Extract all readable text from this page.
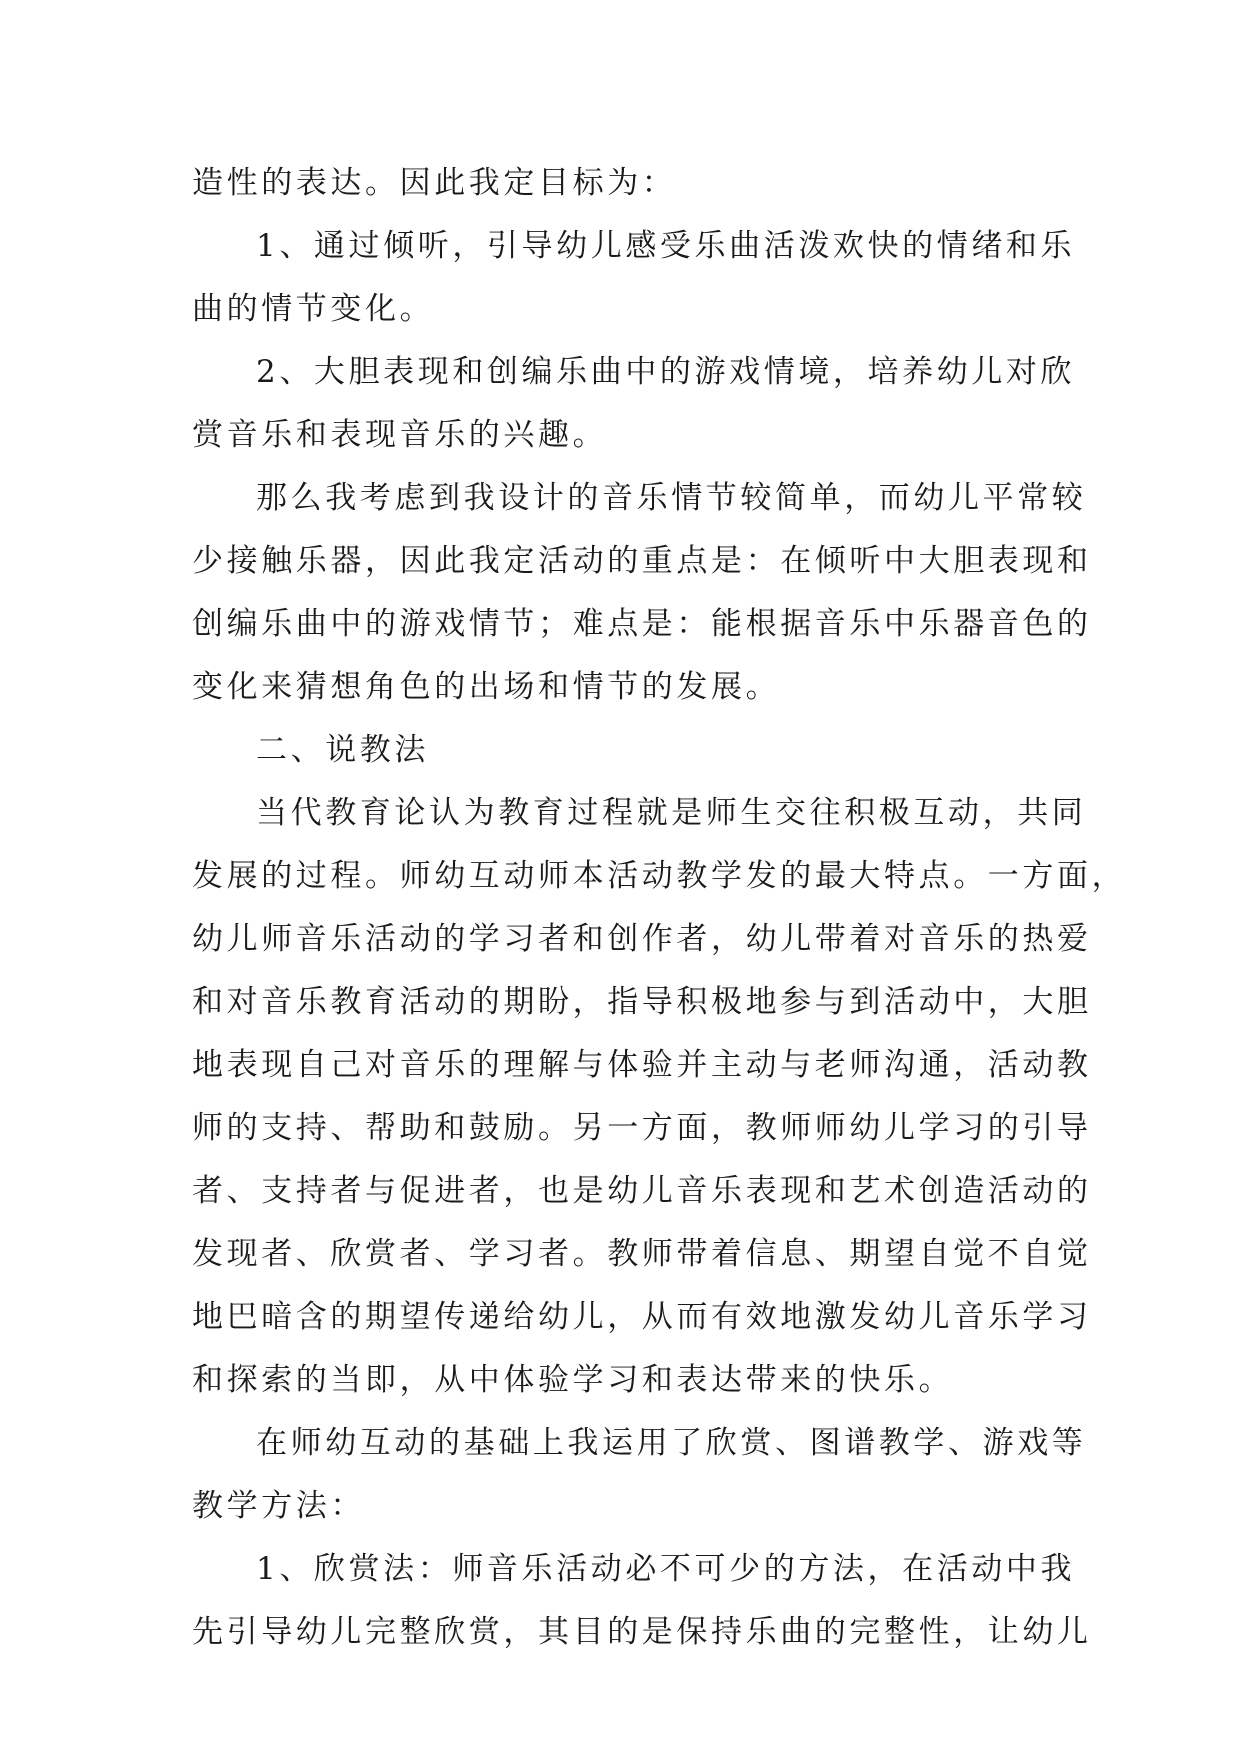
造性的表达。因此我定目标为：
1、通过倾听，引导幼儿感受乐曲活泼欢快的情绪和乐
曲的情节变化。
2、大胆表现和创编乐曲中的游戏情境，培养幼儿对欣
赏音乐和表现音乐的兴趣。
那么我考虑到我设计的音乐情节较简单，而幼儿平常较
少接触乐器，因此我定活动的重点是：在倾听中大胆表现和
创编乐曲中的游戏情节；难点是：能根据音乐中乐器音色的
变化来猜想角色的出场和情节的发展。
二、说教法
当代教育论认为教育过程就是师生交往积极互动，共同
发展的过程。师幼互动师本活动教学发的最大特点。一方面，
幼儿师音乐活动的学习者和创作者，幼儿带着对音乐的热爱
和对音乐教育活动的期盼，指导积极地参与到活动中，大胆
地表现自己对音乐的理解与体验并主动与老师沟通，活动教
师的支持、帮助和鼓励。另一方面，教师师幼儿学习的引导
者、支持者与促进者，也是幼儿音乐表现和艺术创造活动的
发现者、欣赏者、学习者。教师带着信息、期望自觉不自觉
地巴暗含的期望传递给幼儿，从而有效地激发幼儿音乐学习
和探索的当即，从中体验学习和表达带来的快乐。
在师幼互动的基础上我运用了欣赏、图谱教学、游戏等
教学方法：
1、欣赏法：师音乐活动必不可少的方法，在活动中我
先引导幼儿完整欣赏，其目的是保持乐曲的完整性，让幼儿
